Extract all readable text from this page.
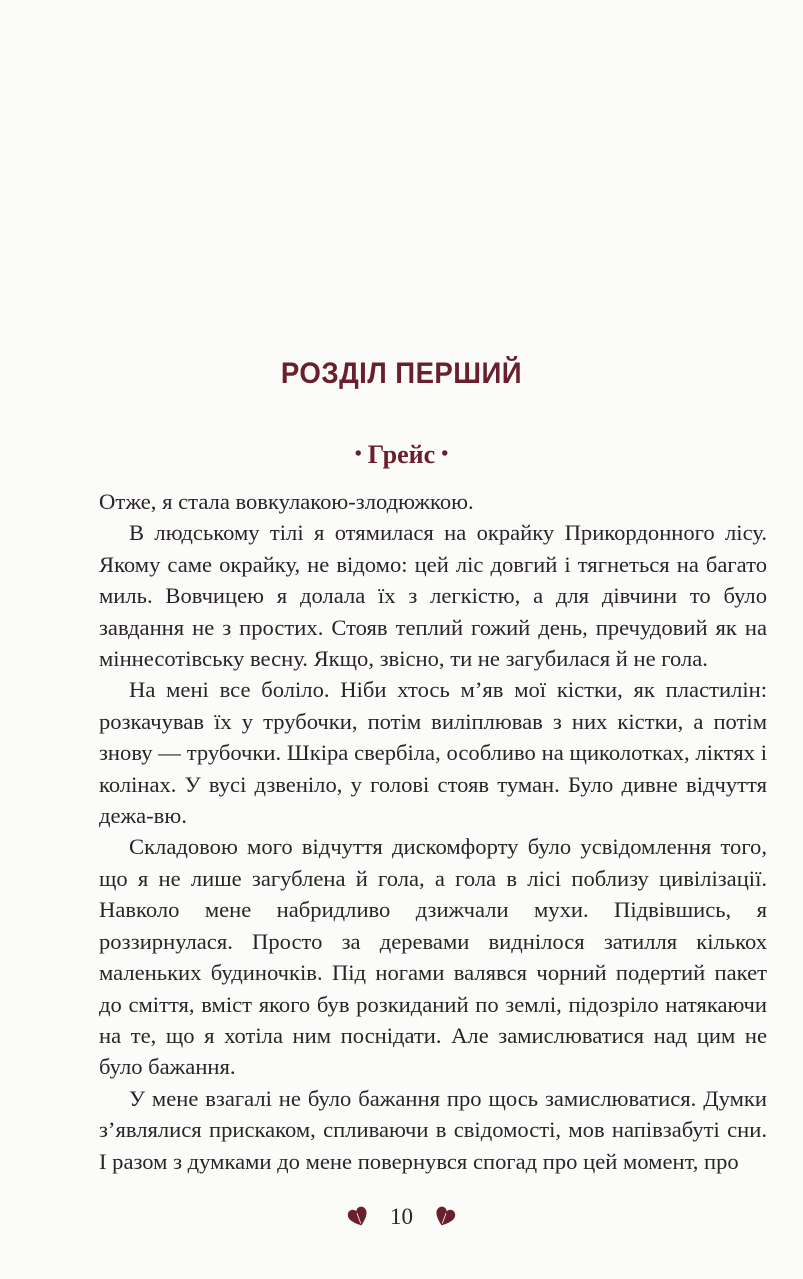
РОЗДІЛ ПЕРШИЙ
• Грейс •

Отже, я стала вовкулакою-злодюжкою.

В людському тілі я отямилася на окрайку Прикордонного лісу. Якому саме окрайку, не відомо: цей ліс довгий і тягнеться на багато миль. Вовчицею я долала їх з легкістю, а для дівчини то було завдання не з простих. Стояв теплий гожий день, пречудовий як на міннесотівську весну. Якщо, звісно, ти не загубилася й не гола.

На мені все боліло. Ніби хтось м’яв мої кістки, як пластилін: розкачував їх у трубочки, потім виліплював з них кістки, а потім знову — трубочки. Шкіра свербіла, особливо на щиколотках, ліктях і колінах. У вусі дзвеніло, у голові стояв туман. Було дивне відчуття дежа-вю.

Складовою мого відчуття дискомфорту було усвідомлення того, що я не лише загублена й гола, а гола в лісі поблизу цивілізації. Навколо мене набридливо дзижчали мухи. Підвівшись, я роззирнулася. Просто за деревами виднілося затилля кількох маленьких будиночків. Під ногами валявся чорний подертий пакет до сміття, вміст якого був розкиданий по землі, підозріло натякаючи на те, що я хотіла ним поснідати. Але замислюватися над цим не було бажання.

У мене взагалі не було бажання про щось замислюватися. Думки з’являлися прискаком, спливаючи в свідомості, мов напівзабуті сни. І разом з думками до мене повернувся спогад про цей момент, про

10
